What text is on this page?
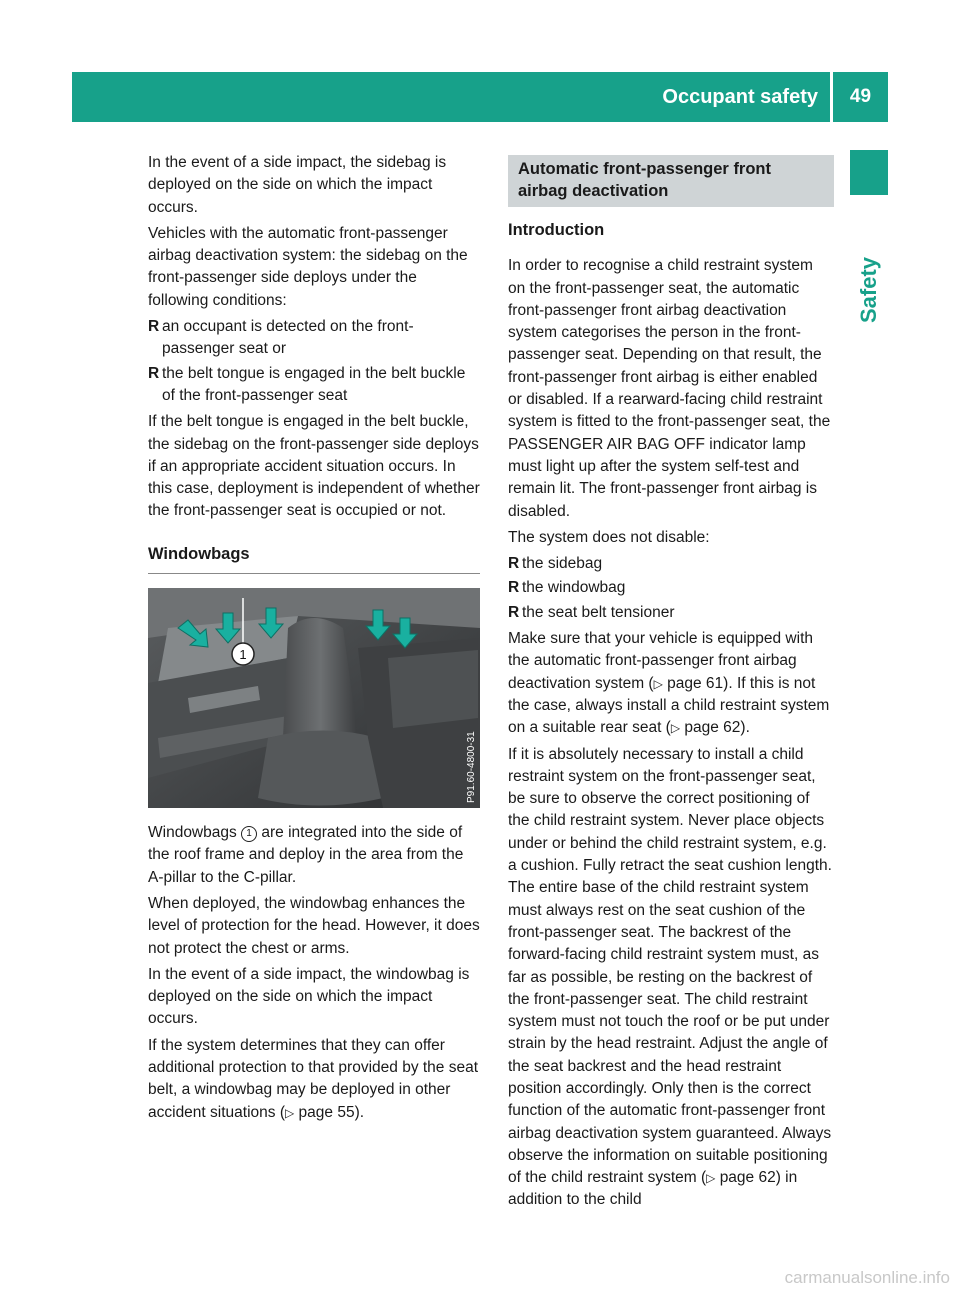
Occupant safety	49
Safety

In the event of a side impact, the sidebag is deployed on the side on which the impact occurs.

Vehicles with the automatic front-passenger airbag deactivation system: the sidebag on the front-passenger side deploys under the following conditions:

R an occupant is detected on the front-passenger seat or
R the belt tongue is engaged in the belt buckle of the front-passenger seat

If the belt tongue is engaged in the belt buckle, the sidebag on the front-passenger side deploys if an appropriate accident situation occurs. In this case, deployment is independent of whether the front-passenger seat is occupied or not.

Windowbags
1
P91.60-4800-31

Windowbags 1 are integrated into the side of the roof frame and deploy in the area from the A-pillar to the C-pillar.

When deployed, the windowbag enhances the level of protection for the head. However, it does not protect the chest or arms.

In the event of a side impact, the windowbag is deployed on the side on which the impact occurs.

If the system determines that they can offer additional protection to that provided by the seat belt, a windowbag may be deployed in other accident situations (▷ page 55).

Automatic front-passenger front airbag deactivation
Introduction

In order to recognise a child restraint system on the front-passenger seat, the automatic front-passenger front airbag deactivation system categorises the person in the front-passenger seat. Depending on that result, the front-passenger front airbag is either enabled or disabled. If a rearward-facing child restraint system is fitted to the front-passenger seat, the PASSENGER AIR BAG OFF indicator lamp must light up after the system self-test and remain lit. The front-passenger front airbag is disabled.

The system does not disable:

R the sidebag
R the windowbag
R the seat belt tensioner

Make sure that your vehicle is equipped with the automatic front-passenger front airbag deactivation system (▷ page 61). If this is not the case, always install a child restraint system on a suitable rear seat (▷ page 62).

If it is absolutely necessary to install a child restraint system on the front-passenger seat, be sure to observe the correct positioning of the child restraint system. Never place objects under or behind the child restraint system, e.g. a cushion. Fully retract the seat cushion length. The entire base of the child restraint system must always rest on the seat cushion of the front-passenger seat. The backrest of the forward-facing child restraint system must, as far as possible, be resting on the backrest of the front-passenger seat. The child restraint system must not touch the roof or be put under strain by the head restraint. Adjust the angle of the seat backrest and the head restraint position accordingly. Only then is the correct function of the automatic front-passenger front airbag deactivation system guaranteed. Always observe the information on suitable positioning of the child restraint system (▷ page 62) in addition to the child

carmanualsonline.info
